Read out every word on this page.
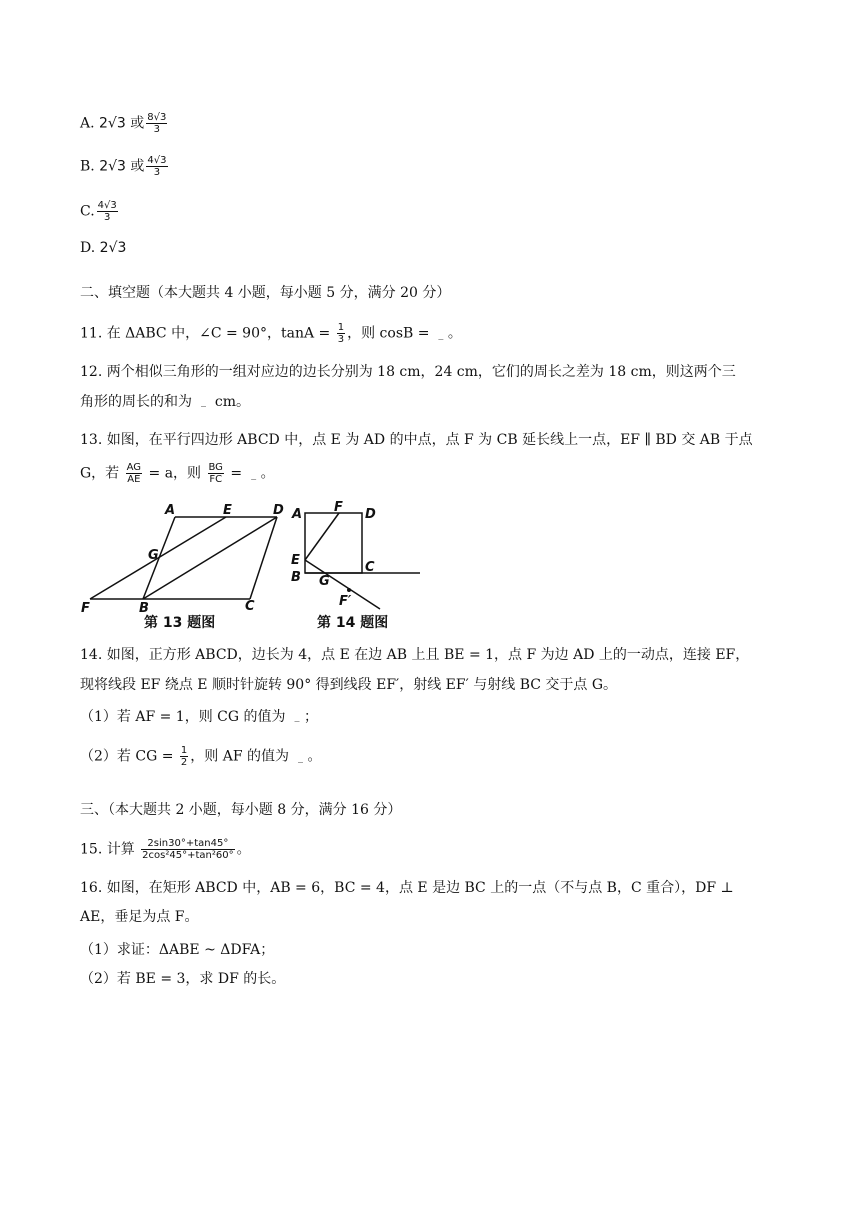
A. 2√3 或 $\frac{8√3}{3}$
B. 2√3 或 $\frac{4√3}{3}$
C. $\frac{4√3}{3}$
D. 2√3
二、填空题（本大题共 4 小题，每小题 5 分，满分 20 分）
11. 在 ΔABC 中，∠C = 90°，$\tan A = \frac{1}{3}$ ，则 cosB = _ 。
12. 两个相似三角形的一组对应边的边长分别为 18 cm，24 cm，它们的周长之差为 18 cm，则这两个三
角形的周长的和为 _ cm。
13. 如图，在平行四边形 ABCD 中，点 E 为 AD 的中点，点 F 为 CB 延长线上一点，EF ∥ BD 交 AB 于点
G，若 $\frac{AG}{AE} = a$，则 $\frac{BG}{FC}$ = _ 。
A	E	D
G
F	B	C
第 13 题图
A F D
E	C
B G
F′
第 14 题图
14. 如图，正方形 ABCD，边长为 4，点 E 在边 AB 上且 BE = 1，点 F 为边 AD 上的一动点，连接 EF，
现将线段 EF 绕点 E 顺时针旋转 90° 得到线段 EF′，射线 EF′ 与射线 BC 交于点 G。
（1）若 AF = 1，则 CG 的值为 _ ；
（2）若 CG = $\frac{1}{2}$ ，则 AF 的值为 _ 。
三、（本大题共 2 小题，每小题 8 分，满分 16 分）
15. 计算 $\frac{2\sin 30^\circ+\tan 45^\circ}{\text{2cos²45°+tan²60°}}$ 。
16. 如图，在矩形 ABCD 中，AB = 6，BC = 4，点 E 是边 BC 上的一点（不与点 B，C 重合），DF ⊥
AE，垂足为点 F。
（1）求证：ΔABE ~ ΔDFA；
（2）若 BE = 3，求 DF 的长。
